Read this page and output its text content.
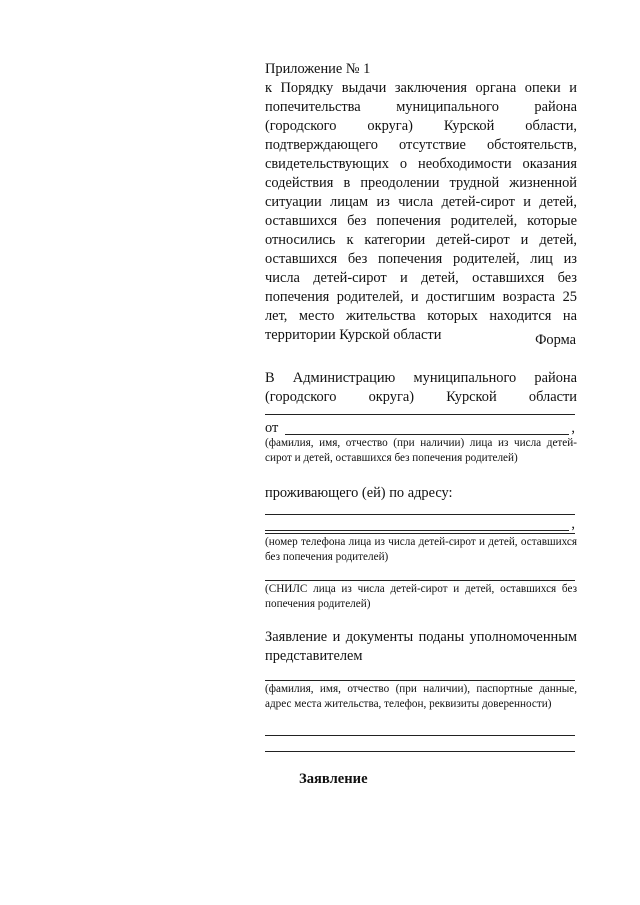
Приложение № 1
к Порядку выдачи заключения органа опеки и попечительства муниципального района (городского округа) Курской области, подтверждающего отсутствие обстоятельств, свидетельствующих о необходимости оказания содействия в преодолении трудной жизненной ситуации лицам из числа детей-сирот и детей, оставшихся без попечения родителей, которые относились к категории детей-сирот и детей, оставшихся без попечения родителей, лиц из числа детей-сирот и детей, оставшихся без попечения родителей, и достигшим возраста 25 лет, место жительства которых находится на территории Курской области	Форма
В Администрацию муниципального района (городского округа) Курской области
от	,
(фамилия, имя, отчество (при наличии) лица из числа детей-сирот и детей, оставшихся без попечения родителей)
проживающего (ей) по адресу:
,
(номер телефона лица из числа детей-сирот и детей, оставшихся без попечения родителей)
(СНИЛС лица из числа детей-сирот и детей, оставшихся без попечения родителей)
Заявление и документы поданы уполномоченным представителем
(фамилия, имя, отчество (при наличии), паспортные данные, адрес места жительства, телефон, реквизиты доверенности)
Заявление
